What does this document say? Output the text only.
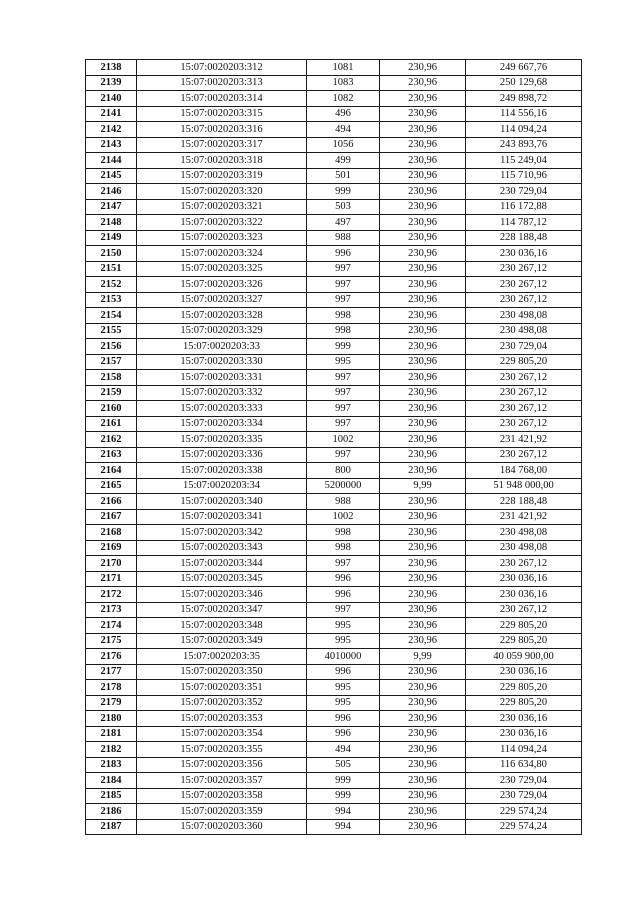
2138	15:07:0020203:312	1081	230,96	249 667,76
2139	15:07:0020203:313	1083	230,96	250 129,68
2140	15:07:0020203:314	1082	230,96	249 898,72
2141	15:07:0020203:315	496	230,96	114 556,16
2142	15:07:0020203:316	494	230,96	114 094,24
2143	15:07:0020203:317	1056	230,96	243 893,76
2144	15:07:0020203:318	499	230,96	115 249,04
2145	15:07:0020203:319	501	230,96	115 710,96
2146	15:07:0020203:320	999	230,96	230 729,04
2147	15:07:0020203:321	503	230,96	116 172,88
2148	15:07:0020203:322	497	230,96	114 787,12
2149	15:07:0020203:323	988	230,96	228 188,48
2150	15:07:0020203:324	996	230,96	230 036,16
2151	15:07:0020203:325	997	230,96	230 267,12
2152	15:07:0020203:326	997	230,96	230 267,12
2153	15:07:0020203:327	997	230,96	230 267,12
2154	15:07:0020203:328	998	230,96	230 498,08
2155	15:07:0020203:329	998	230,96	230 498,08
2156	15:07:0020203:33	999	230,96	230 729,04
2157	15:07:0020203:330	995	230,96	229 805,20
2158	15:07:0020203:331	997	230,96	230 267,12
2159	15:07:0020203:332	997	230,96	230 267,12
2160	15:07:0020203:333	997	230,96	230 267,12
2161	15:07:0020203:334	997	230,96	230 267,12
2162	15:07:0020203:335	1002	230,96	231 421,92
2163	15:07:0020203:336	997	230,96	230 267,12
2164	15:07:0020203:338	800	230,96	184 768,00
2165	15:07:0020203:34	5200000	9,99	51 948 000,00
2166	15:07:0020203:340	988	230,96	228 188,48
2167	15:07:0020203:341	1002	230,96	231 421,92
2168	15:07:0020203:342	998	230,96	230 498,08
2169	15:07:0020203:343	998	230,96	230 498,08
2170	15:07:0020203:344	997	230,96	230 267,12
2171	15:07:0020203:345	996	230,96	230 036,16
2172	15:07:0020203:346	996	230,96	230 036,16
2173	15:07:0020203:347	997	230,96	230 267,12
2174	15:07:0020203:348	995	230,96	229 805,20
2175	15:07:0020203:349	995	230,96	229 805,20
2176	15:07:0020203:35	4010000	9,99	40 059 900,00
2177	15:07:0020203:350	996	230,96	230 036,16
2178	15:07:0020203:351	995	230,96	229 805,20
2179	15:07:0020203:352	995	230,96	229 805,20
2180	15:07:0020203:353	996	230,96	230 036,16
2181	15:07:0020203:354	996	230,96	230 036,16
2182	15:07:0020203:355	494	230,96	114 094,24
2183	15:07:0020203:356	505	230,96	116 634,80
2184	15:07:0020203:357	999	230,96	230 729,04
2185	15:07:0020203:358	999	230,96	230 729,04
2186	15:07:0020203:359	994	230,96	229 574,24
2187	15:07:0020203:360	994	230,96	229 574,24
